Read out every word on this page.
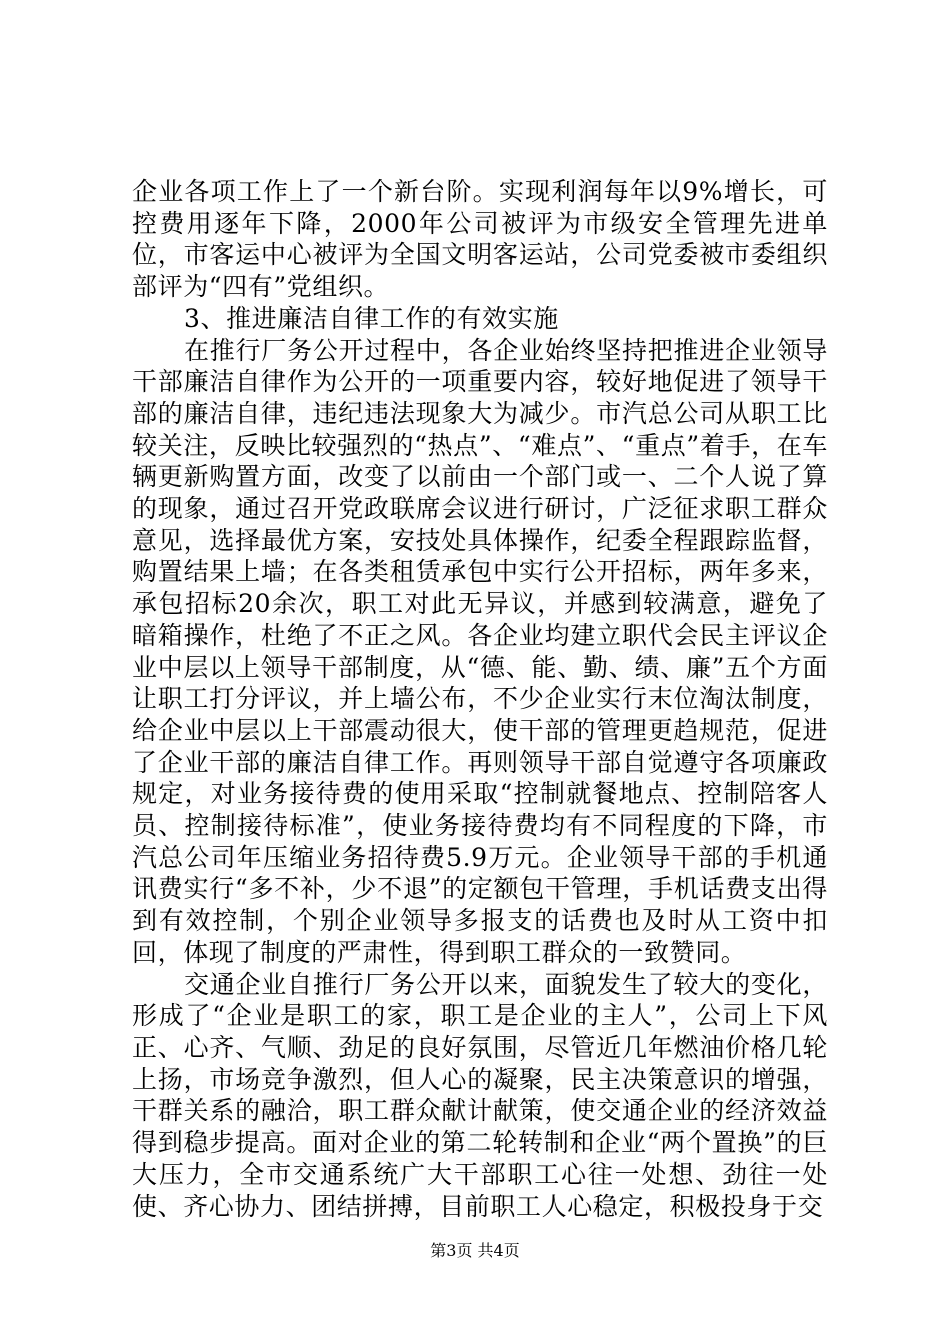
企业各项工作上了一个新台阶。实现利润每年以9%增长，可控费用逐年下降，2000年公司被评为市级安全管理先进单位，市客运中心被评为全国文明客运站，公司党委被市委组织部评为“四有”党组织。

3、推进廉洁自律工作的有效实施

在推行厂务公开过程中，各企业始终坚持把推进企业领导干部廉洁自律作为公开的一项重要内容，较好地促进了领导干部的廉洁自律，违纪违法现象大为减少。市汽总公司从职工比较关注，反映比较强烈的“热点”、“难点”、“重点”着手，在车辆更新购置方面，改变了以前由一个部门或一、二个人说了算的现象，通过召开党政联席会议进行研讨，广泛征求职工群众意见，选择最优方案，安技处具体操作，纪委全程跟踪监督，购置结果上墙；在各类租赁承包中实行公开招标，两年多来，承包招标20余次，职工对此无异议，并感到较满意，避免了暗箱操作，杜绝了不正之风。各企业均建立职代会民主评议企业中层以上领导干部制度，从“德、能、勤、绩、廉”五个方面让职工打分评议，并上墙公布，不少企业实行末位淘汰制度，给企业中层以上干部震动很大，使干部的管理更趋规范，促进了企业干部的廉洁自律工作。再则领导干部自觉遵守各项廉政规定，对业务接待费的使用采取“控制就餐地点、控制陪客人员、控制接待标准”，使业务接待费均有不同程度的下降，市汽总公司年压缩业务招待费5.9万元。企业领导干部的手机通讯费实行“多不补，少不退”的定额包干管理，手机话费支出得到有效控制，个别企业领导多报支的话费也及时从工资中扣回，体现了制度的严肃性，得到职工群众的一致赞同。

交通企业自推行厂务公开以来，面貌发生了较大的变化，形成了“企业是职工的家，职工是企业的主人”，公司上下风正、心齐、气顺、劲足的良好氛围，尽管近几年燃油价格几轮上扬，市场竞争激烈，但人心的凝聚，民主决策意识的增强，干群关系的融洽，职工群众献计献策，使交通企业的经济效益得到稳步提高。面对企业的第二轮转制和企业“两个置换”的巨大压力，全市交通系统广大干部职工心往一处想、劲往一处使、齐心协力、团结拼搏，目前职工人心稳定，积极投身于交

第3页 共4页
